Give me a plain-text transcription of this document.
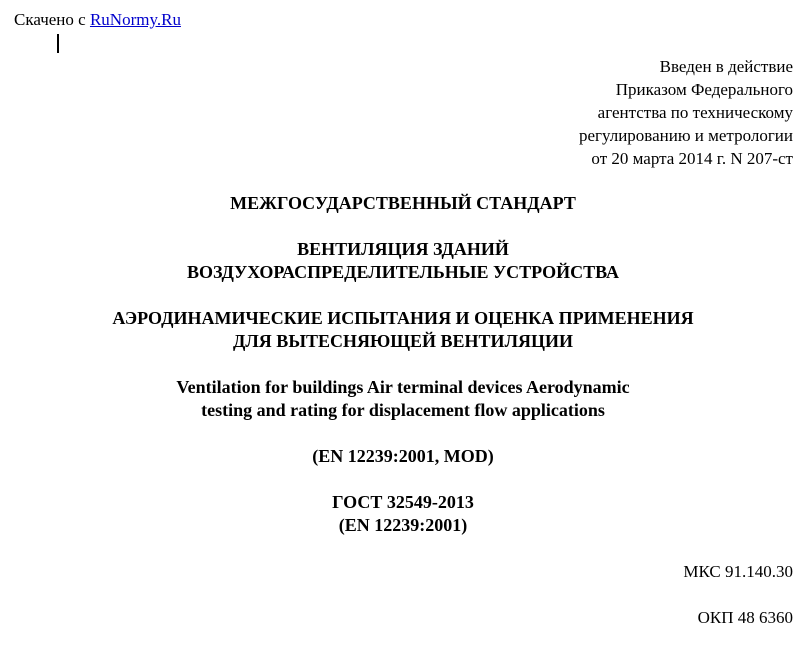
Скачено с RuNormy.Ru
Введен в действие
Приказом Федерального
агентства по техническому
регулированию и метрологии
от 20 марта 2014 г. N 207-ст
МЕЖГОСУДАРСТВЕННЫЙ СТАНДАРТ
ВЕНТИЛЯЦИЯ ЗДАНИЙ
ВОЗДУХОРАСПРЕДЕЛИТЕЛЬНЫЕ УСТРОЙСТВА
АЭРОДИНАМИЧЕСКИЕ ИСПЫТАНИЯ И ОЦЕНКА ПРИМЕНЕНИЯ
ДЛЯ ВЫТЕСНЯЮЩЕЙ ВЕНТИЛЯЦИИ
Ventilation for buildings Air terminal devices Aerodynamic
testing and rating for displacement flow applications
(EN 12239:2001, MOD)
ГОСТ 32549-2013
(EN 12239:2001)
МКС 91.140.30
ОКП 48 6360
